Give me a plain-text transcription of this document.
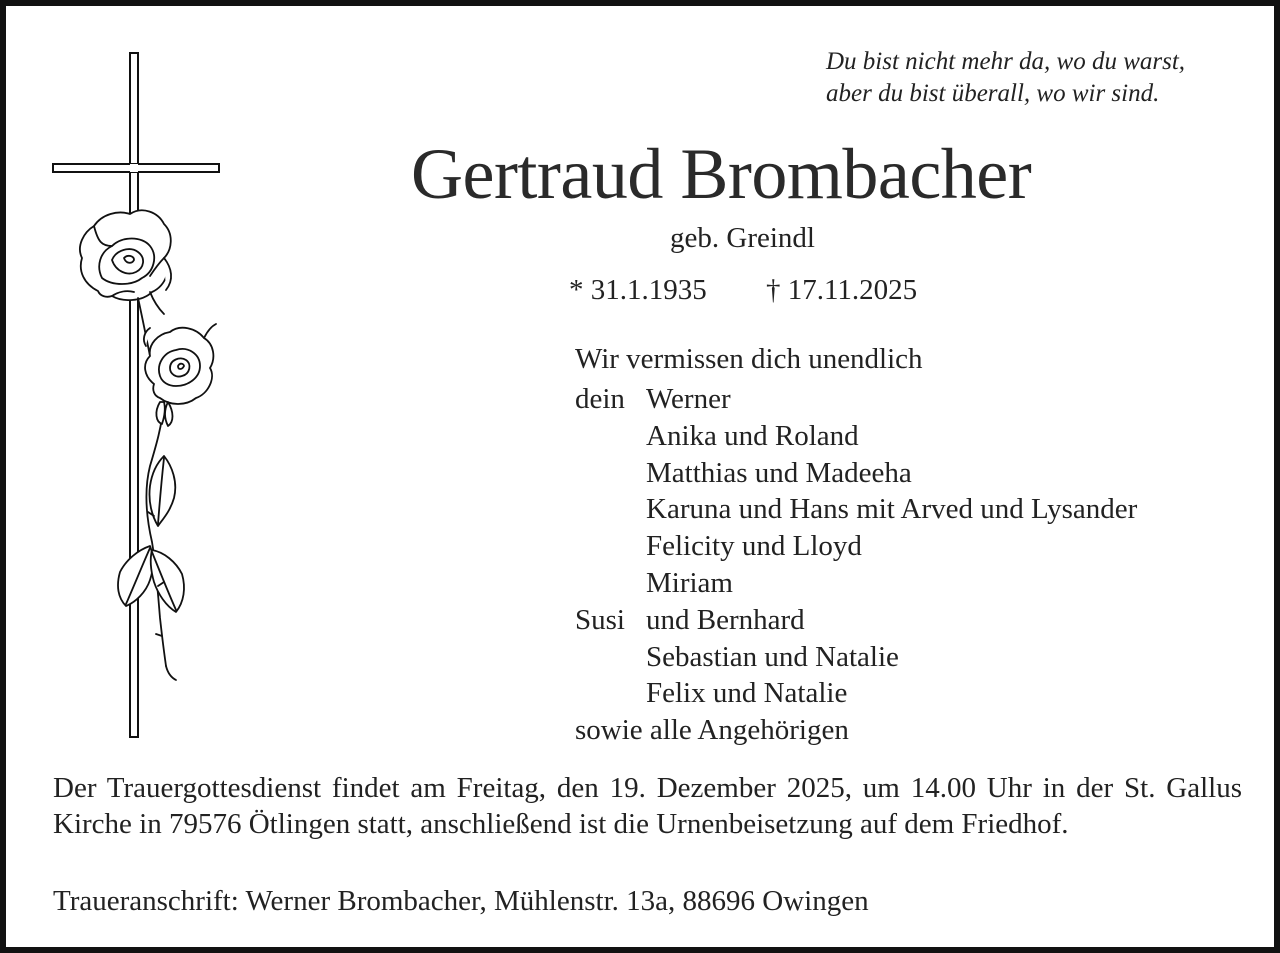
Du bist nicht mehr da, wo du warst,
aber du bist überall, wo wir sind.
Gertraud Brombacher
geb. Greindl
* 31.1.1935 † 17.11.2025
Wir vermissen dich unendlich
dein Werner
Anika und Roland
Matthias und Madeeha
Karuna und Hans mit Arved und Lysander
Felicity und Lloyd
Miriam
Susi und Bernhard
Sebastian und Natalie
Felix und Natalie
sowie alle Angehörigen
Der Trauergottesdienst findet am Freitag, den 19. Dezember 2025, um 14.00 Uhr in der St. Gallus Kirche in 79576 Ötlingen statt, anschließend ist die Urnenbeisetzung auf dem Friedhof.
Traueranschrift: Werner Brombacher, Mühlenstr. 13a, 88696 Owingen
